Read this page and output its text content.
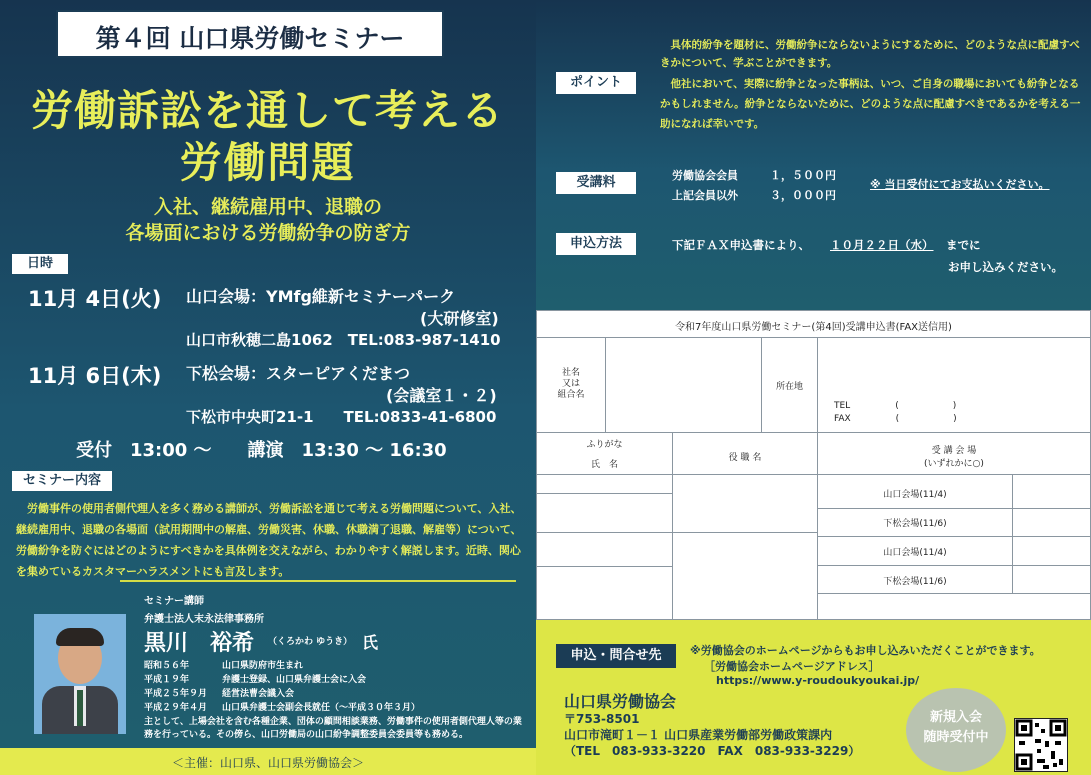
第４回 山口県労働セミナー
労働訴訟を通して考える
労働問題
入社、継続雇用中、退職の
各場面における労働紛争の防ぎ方
日時
11月 4日(火) 山口会場：YMfg維新セミナーパーク
(大研修室)
山口市秋穂二島1062　TEL:083-987-1410
11月 6日(木) 下松会場：スターピアくだまつ
(会議室１・２)
下松市中央町21-1　　TEL:0833-41-6800
受付　13:00 ～　　講演　13:30 ～ 16:30
セミナー内容
　労働事件の使用者側代理人を多く務める講師が、労働訴訟を通じて考える労働問題について、入社、継続雇用中、退職の各場面（試用期間中の解雇、労働災害、休職、休職満了退職、解雇等）について、労働紛争を防ぐにはどのようにすべきかを具体例を交えながら、わかりやすく解説します。近時、関心を集めているカスタマーハラスメントにも言及します。
セミナー講師
弁護士法人末永法律事務所
黒川　裕希 （くろかわ ゆうき） 氏
昭和５６年	山口県防府市生まれ
平成１９年	弁護士登録、山口県弁護士会に入会
平成２５年９月 経営法曹会議入会
平成２９年４月 山口県弁護士会副会長就任（～平成３０年３月）
主として、上場会社を含む各種企業、団体の顧問相談業務、労働事件の使用者側代理人等の業務を行っている。その傍ら、山口労働局の山口紛争調整委員会委員等も務める。
＜主催：山口県、山口県労働協会＞
ポイント
　具体的紛争を題材に、労働紛争にならないようにするために、どのような点に配慮すべきかについて、学ぶことができます。
　他社において、実際に紛争となった事柄は、いつ、ご自身の職場においても紛争となるかもしれません。紛争とならないために、どのような点に配慮すべきであるかを考える一助になれば幸いです。
受講料	労働協会会員	１，５００円
上記会員以外	３，０００円
※ 当日受付にてお支払いください。
申込方法	下記ＦＡＸ申込書により、 １０月２２日（水） までに
お申し込みください。
令和7年度山口県労働セミナー(第4回)受講申込書(FAX送信用)
社名
又は
組合名
所在地
TEL　　　　　(　　　　　　)
FAX　　　　　(　　　　　　)
ふりがな
氏　名
役 職 名
受 講 会 場
(いずれかに○)
山口会場(11/4)
下松会場(11/6)
山口会場(11/4)
下松会場(11/6)
申込・問合せ先	※労働協会のホームページからもお申し込みいただくことができます。
［労働協会ホームページアドレス］
https://www.y-roudoukyoukai.jp/
山口県労働協会
〒753-8501
山口市滝町１－１ 山口県産業労働部労働政策課内
（TEL　083-933-3220　FAX　083-933-3229）
新規入会
随時受付中
